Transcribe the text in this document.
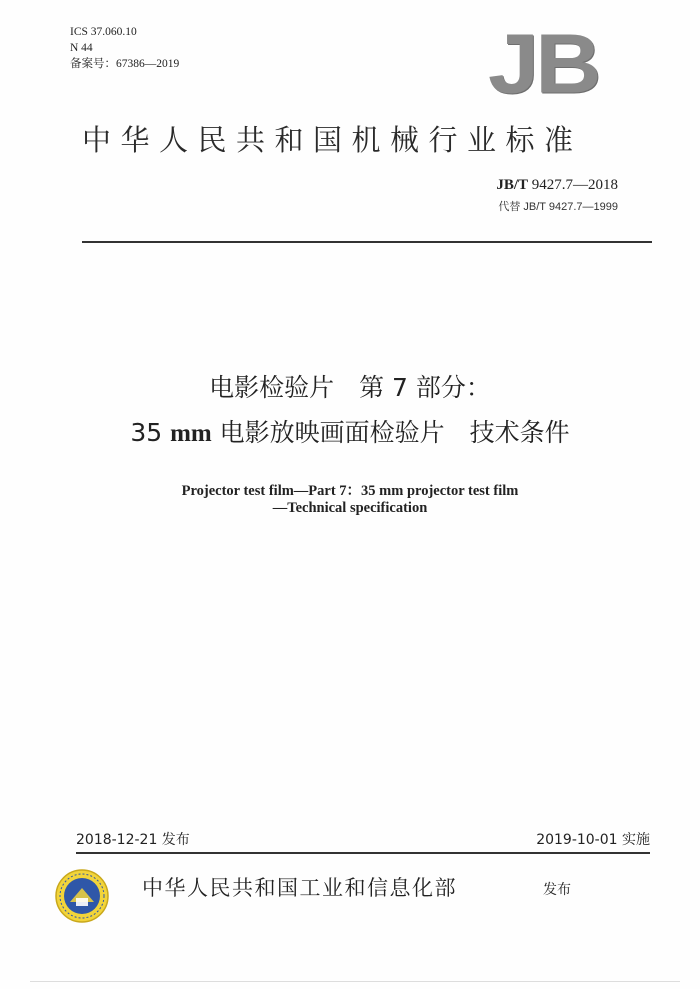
ICS 37.060.10
N 44
备案号：67386—2019	JB
中华人民共和国机械行业标准
JB/T 9427.7—2018
代替 JB/T 9427.7—1999
电影检验片　第 7 部分：
35 mm 电影放映画面检验片　技术条件
Projector test film—Part 7：35 mm projector test film
—Technical specification
2018-12-21 发布	2019-10-01 实施
中华人民共和国工业和信息化部	发布
